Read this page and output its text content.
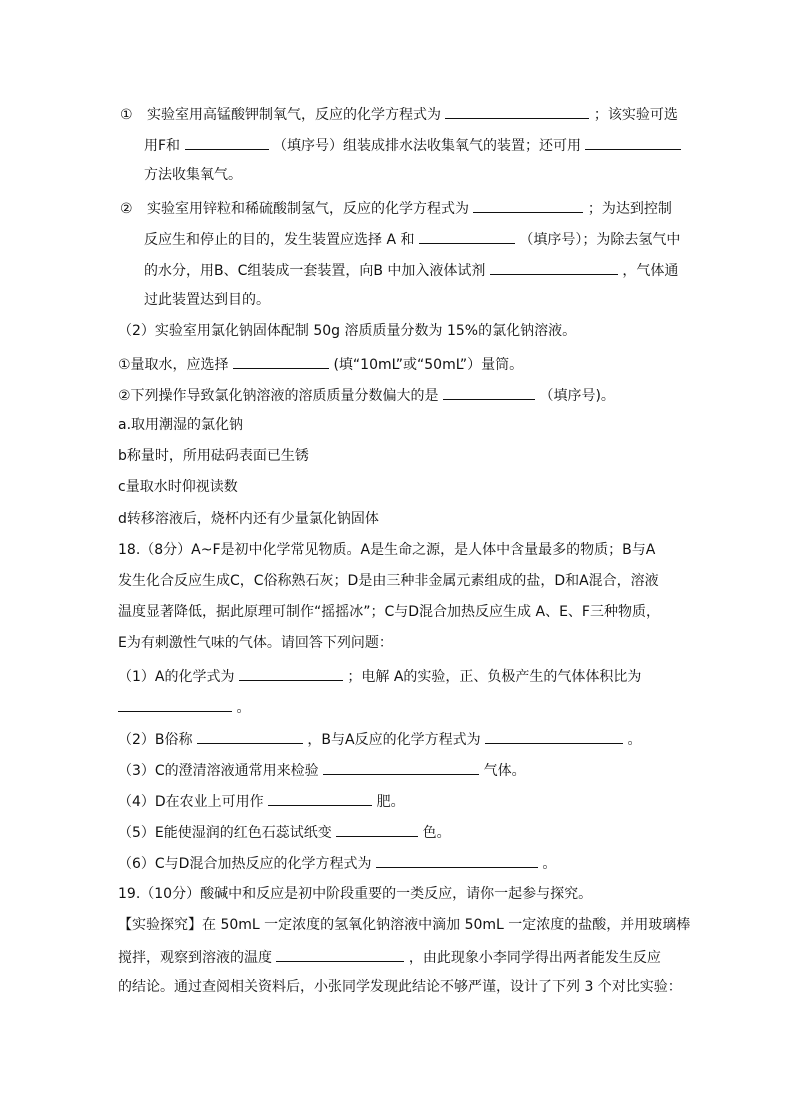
① 实验室用高锰酸钾制氧气，反应的化学方程式为	；该实验可选
用F和	（填序号）组装成排水法收集氧气的装置；还可用
方法收集氧气。
② 实验室用锌粒和稀硫酸制氢气，反应的化学方程式为	；为达到控制
反应生和停止的目的，发生装置应选择 A 和	（填序号）；为除去氢气中
的水分，用B、C组装成一套装置，向B 中加入液体试剂	，气体通
过此装置达到目的。
（2）实验室用氯化钠固体配制 50g 溶质质量分数为 15%的氯化钠溶液。
①量取水，应选择	(填“10mL”或“50mL”）量筒。
②下列操作导致氯化钠溶液的溶质质量分数偏大的是	（填序号)。
a.取用潮湿的氯化钠
b称量时，所用砝码表面已生锈
c量取水时仰视读数
d转移溶液后，烧杯内还有少量氯化钠固体
18.（8分）A~F是初中化学常见物质。A是生命之源，是人体中含量最多的物质；B与A
发生化合反应生成C，C俗称熟石灰；D是由三种非金属元素组成的盐，D和A混合，溶液
温度显著降低，据此原理可制作“摇摇冰”；C与D混合加热反应生成 A、E、F三种物质，
E为有刺激性气味的气体。请回答下列问题：
（1）A的化学式为	；电解 A的实验，正、负极产生的气体体积比为
。
（2）B俗称	，B与A反应的化学方程式为	。
（3）C的澄清溶液通常用来检验	气体。
（4）D在农业上可用作	肥。
（5）E能使湿润的红色石蕊试纸变	色。
（6）C与D混合加热反应的化学方程式为	。
19.（10分）酸碱中和反应是初中阶段重要的一类反应，请你一起参与探究。
【实验探究】在 50mL 一定浓度的氢氧化钠溶液中滴加 50mL 一定浓度的盐酸，并用玻璃棒
搅拌，观察到溶液的温度	，由此现象小李同学得出两者能发生反应
的结论。通过查阅相关资料后，小张同学发现此结论不够严谨，设计了下列 3 个对比实验：
